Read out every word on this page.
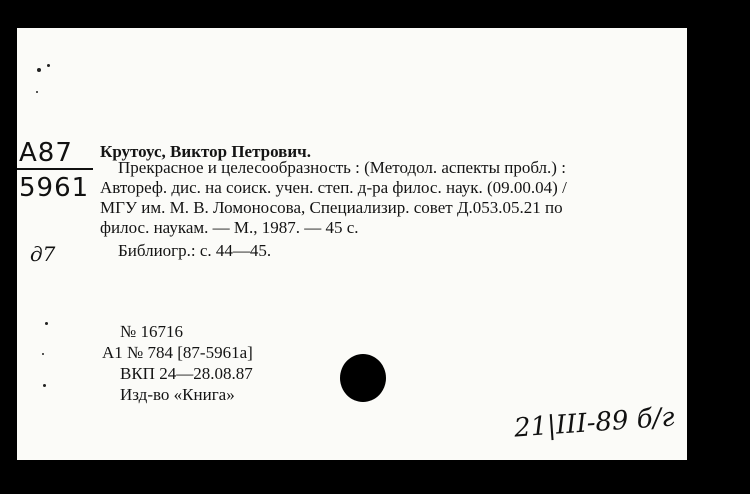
A87
5961
д7
Крутоус, Виктор Петрович.
Прекрасное и целесообразность : (Методол. аспекты пробл.) :
Автореф. дис. на соиск. учен. степ. д-ра филос. наук. (09.00.04) /
МГУ им. М. В. Ломоносова, Специализир. совет Д.053.05.21 по
филос. наукам. — М., 1987. — 45 с.
Библиогр.: с. 44—45.
№ 16716
А1 № 784 [87-5961а]
ВКП 24—28.08.87
Изд-во «Книга»
21|III-89 б/г
